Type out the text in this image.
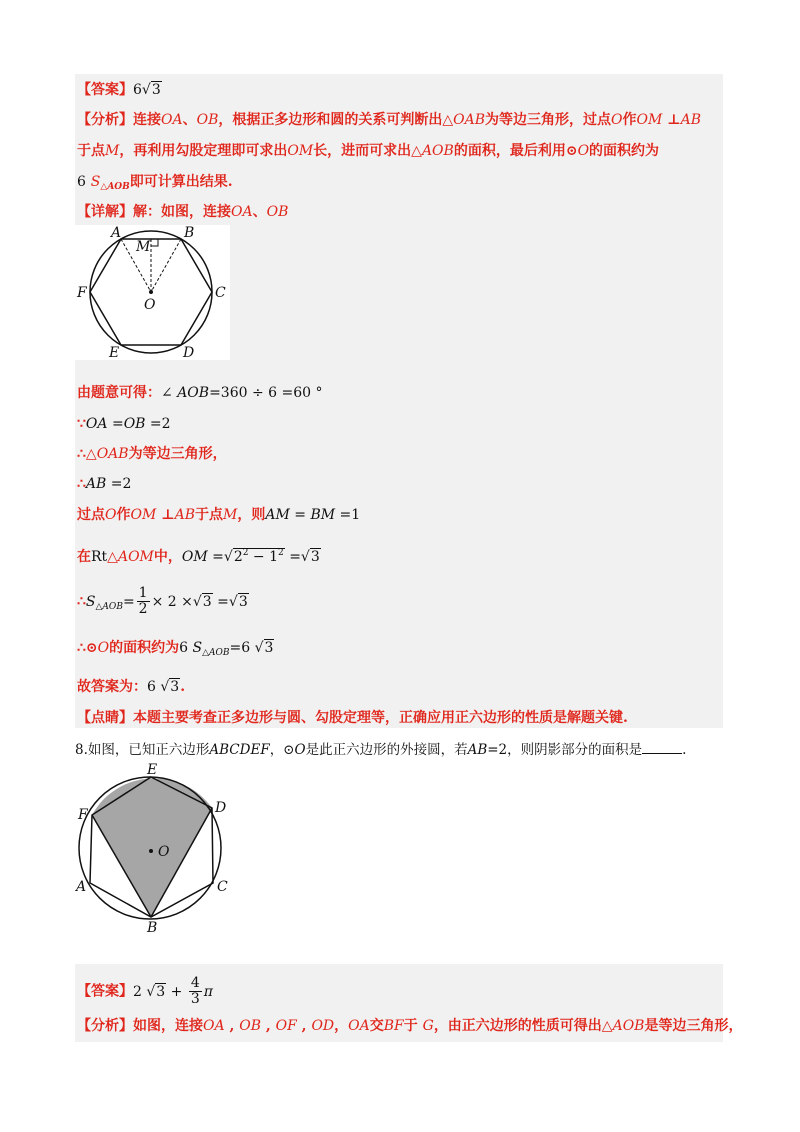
【答案】6√3
【分析】连接OA、OB，根据正多边形和圆的关系可判断出△OAB为等边三角形，过点O作OM ⊥AB
于点M，再利用勾股定理即可求出OM长，进而可求出△AOB的面积，最后利用⊙O的面积约为
6 $S_{\triangle AOB}$即可计算出结果.
【详解】解：如图，连接OA、OB
A	B
C
D
E
F
M
O
由题意可得：∠ AOB=360 ÷ 6 =60 °
∵OA =OB =2
∴△OAB为等边三角形，
∴AB =2
过点O作OM ⊥AB于点M，则AM = BM =1
在Rt△AOM中，OM $=√2^2 - 1^2 =√3$
$\therefore S_{\triangle AOB}= \frac{1}{2} \times 2 \times√3 =√3$
∴⊙O的面积约为6 $S_{\triangle AOB}=6$ √3
故答案为：6 √3.
【点睛】本题主要考查正多边形与圆、勾股定理等，正确应用正六边形的性质是解题关键.
8.如图，已知正六边形ABCDEF，⊙O是此正六边形的外接圆，若AB=2，则阴影部分的面积是	.
E
D
C
B
A
F
O
【答案】2 $√3 + \frac{4}{3}$ π
【分析】如图，连接OA , OB , OF , OD，OA交BF于 G，由正六边形的性质可得出△AOB是等边三角形，
